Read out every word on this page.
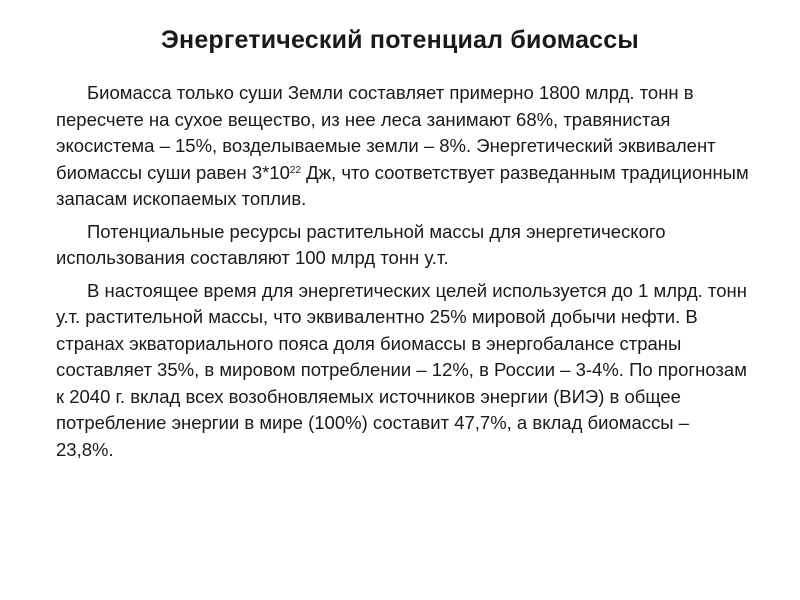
Энергетический потенциал биомассы

Биомасса только суши Земли составляет примерно 1800 млрд. тонн в пересчете на сухое вещество, из нее леса занимают 68%, травянистая экосистема – 15%, возделываемые земли – 8%. Энергетический эквивалент биомассы суши равен $3*10^{22}$ Дж, что соответствует разведанным традиционным запасам ископаемых топлив.

Потенциальные ресурсы растительной массы для энергетического использования составляют 100 млрд тонн у.т.

В настоящее время для энергетических целей используется до 1 млрд. тонн у.т. растительной массы, что эквивалентно 25% мировой добычи нефти. В странах экваториального пояса доля биомассы в энергобалансе страны составляет 35%, в мировом потреблении – 12%, в России – 3-4%. По прогнозам к 2040 г. вклад всех возобновляемых источников энергии (ВИЭ) в общее потребление энергии в мире (100%) составит 47,7%, а вклад биомассы – 23,8%.
